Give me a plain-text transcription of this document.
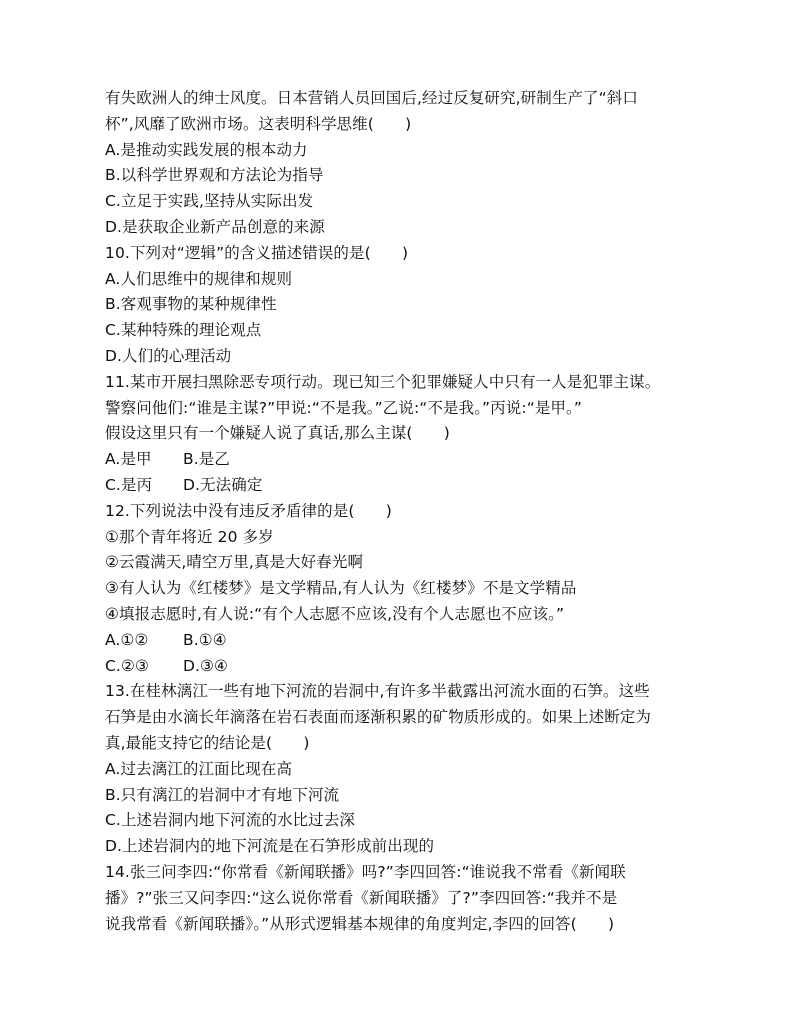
有失欧洲人的绅士风度。日本营销人员回国后,经过反复研究,研制生产了“斜口
杯”,风靡了欧洲市场。这表明科学思维(　　)
A.是推动实践发展的根本动力
B.以科学世界观和方法论为指导
C.立足于实践,坚持从实际出发
D.是获取企业新产品创意的来源
10.下列对“逻辑”的含义描述错误的是(　　)
A.人们思维中的规律和规则
B.客观事物的某种规律性
C.某种特殊的理论观点
D.人们的心理活动
11.某市开展扫黑除恶专项行动。现已知三个犯罪嫌疑人中只有一人是犯罪主谋。
警察问他们:“谁是主谋?”甲说:“不是我。”乙说:“不是我。”丙说:“是甲。”
假设这里只有一个嫌疑人说了真话,那么主谋(　　)
A.是甲	B.是乙
C.是丙	D.无法确定
12.下列说法中没有违反矛盾律的是(　　)
①那个青年将近 20 多岁
②云霞满天,晴空万里,真是大好春光啊
③有人认为《红楼梦》是文学精品,有人认为《红楼梦》不是文学精品
④填报志愿时,有人说:“有个人志愿不应该,没有个人志愿也不应该。”
A.①②	B.①④
C.②③	D.③④
13.在桂林漓江一些有地下河流的岩洞中,有许多半截露出河流水面的石笋。这些
石笋是由水滴长年滴落在岩石表面而逐渐积累的矿物质形成的。如果上述断定为
真,最能支持它的结论是(　　)
A.过去漓江的江面比现在高
B.只有漓江的岩洞中才有地下河流
C.上述岩洞内地下河流的水比过去深
D.上述岩洞内的地下河流是在石笋形成前出现的
14.张三问李四:“你常看《新闻联播》吗?”李四回答:“谁说我不常看《新闻联
播》?”张三又问李四:“这么说你常看《新闻联播》了?”李四回答:“我并不是
说我常看《新闻联播》。”从形式逻辑基本规律的角度判定,李四的回答(　　)
